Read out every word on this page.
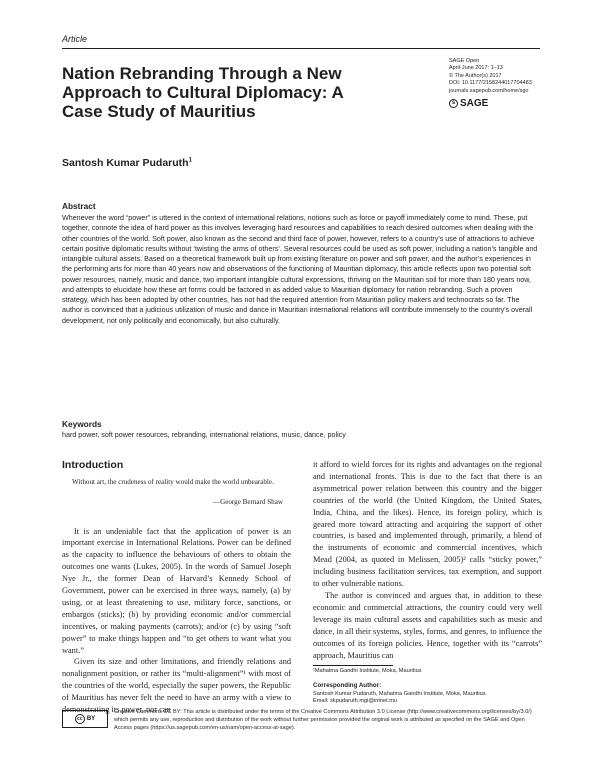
Article
Nation Rebranding Through a New Approach to Cultural Diplomacy: A Case Study of Mauritius
SAGE Open
April-June 2017: 1–13
© The Author(s) 2017
DOI: 10.1177/2158244017704483
journals.sagepub.com/home/sgo
s SAGE
Santosh Kumar Pudaruth$^1$

Abstract

Whenever the word “power” is uttered in the context of international relations, notions such as force or payoff immediately come to mind. These, put together, connote the idea of hard power as this involves leveraging hard resources and capabilities to reach desired outcomes when dealing with the other countries of the world. Soft power, also known as the second and third face of power, however, refers to a country’s use of attractions to achieve certain positive diplomatic results without ‘twisting the arms of others’. Several resources could be used as soft power, including a nation’s tangible and intangible cultural assets. Based on a theoretical framework built up from existing literature on power and soft power, and the author’s experiences in the performing arts for more than 40 years now and observations of the functioning of Mauritian diplomacy, this article reflects upon two potential soft power resources, namely, music and dance, two important intangible cultural expressions, thriving on the Mauritian soil for more than 180 years now, and attempts to elucidate how these art forms could be factored in as added value to Mauritian diplomacy for nation rebranding. Such a proven strategy, which has been adopted by other countries, has not had the required attention from Mauritian policy makers and technocrats so far. The author is convinced that a judicious utilization of music and dance in Mauritian international relations will contribute immensely to the country’s overall development, not only politically and economically, but also culturally.

Keywords

hard power, soft power resources, rebranding, international relations, music, dance, policy

Introduction

Without art, the crudeness of reality would make the world unbearable.

—George Bernard Shaw

It is an undeniable fact that the application of power is an important exercise in International Relations. Power can be defined as the capacity to influence the behaviours of others to obtain the outcomes one wants (Lukes, 2005). In the words of Samuel Joseph Nye Jr., the former Dean of Harvard’s Kennedy School of Government, power can be exercised in three ways, namely, (a) by using, or at least threatening to use, military force, sanctions, or embargos (sticks); (b) by providing economic and/or commercial incentives, or making payments (carrots); and/or (c) by using “soft power” to make things happen and “to get others to want what you want.”

Given its size and other limitations, and friendly relations and nonalignment position, or rather its “multi-alignment”¹ with most of the countries of the world, especially the super powers, the Republic of Mauritius has never felt the need to have an army with a view to demonstrating its power, nor can

it afford to wield forces for its rights and advantages on the regional and international fronts. This is due to the fact that there is an asymmetrical power relation between this country and the bigger countries of the world (the United Kingdom, the United States, India, China, and the likes). Hence, its foreign policy, which is geared more toward attracting and acquiring the support of other countries, is based and implemented through, primarily, a blend of the instruments of economic and commercial incentives, which Mead (2004, as quoted in Melissen, 2005)² calls “sticky power,” including business facilitation services, tax exemption, and support to other vulnerable nations.

The author is convinced and argues that, in addition to these economic and commercial attractions, the country could very well leverage its main cultural assets and capabilities such as music and dance, in all their systems, styles, forms, and genres, to influence the outcomes of its foreign policies. Hence, together with its “carrots” approach, Mauritius can

¹Mahatma Gandhi Institute, Moka, Mauritius

Corresponding Author:

Santosh Kumar Pudaruth, Mahatma Gandhi Institute, Moka, Mauritius.

Email: skpudaruth.mgi@intnet.mu

cc BY

Creative Commons CC BY: This article is distributed under the terms of the Creative Commons Attribution 3.0 License (http://www.creativecommons.org/licenses/by/3.0/) which permits any use, reproduction and distribution of the work without further permission provided the original work is attributed as specified on the SAGE and Open Access pages (https://us.sagepub.com/en-us/nam/open-access-at-sage).
